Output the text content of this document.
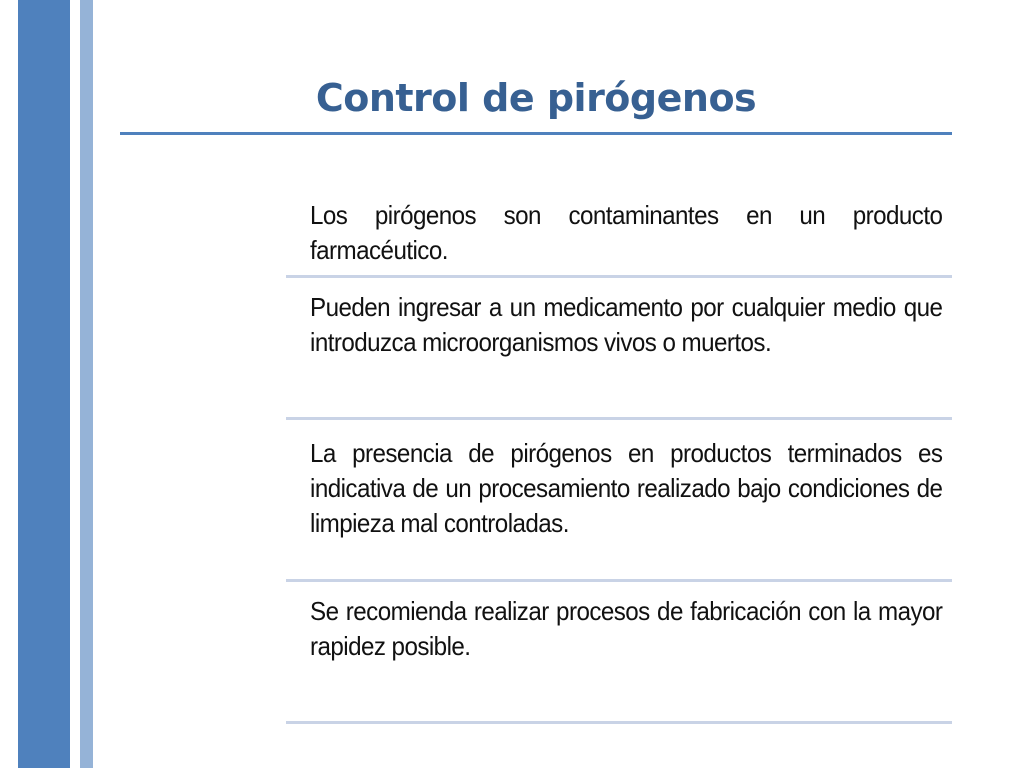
Control de pirógenos
Los pirógenos son contaminantes en un producto farmacéutico.
Pueden ingresar a un medicamento por cualquier medio que introduzca microorganismos vivos o muertos.
La presencia de pirógenos en productos terminados es indicativa de un procesamiento realizado bajo condiciones de limpieza mal controladas.
Se recomienda realizar procesos de fabricación con la mayor rapidez posible.
